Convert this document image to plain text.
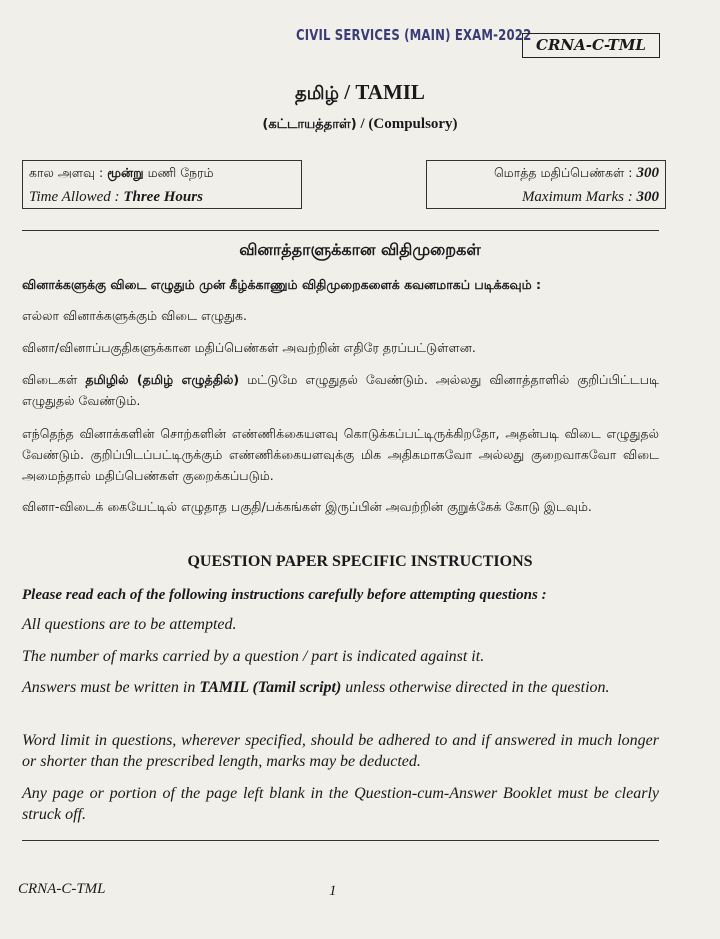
CIVIL SERVICES (MAIN) EXAM-2022
CRNA-C-TML
தமிழ் / TAMIL
(கட்டாயத்தாள்) / (Compulsory)
கால அளவு : மூன்று மணி நேரம்
Time Allowed : Three Hours
மொத்த மதிப்பெண்கள் : 300
Maximum Marks : 300
வினாத்தாளுக்கான விதிமுறைகள்
வினாக்களுக்கு விடை எழுதும் முன் கீழ்க்காணும் விதிமுறைகளைக் கவனமாகப் படிக்கவும் :
எல்லா வினாக்களுக்கும் விடை எழுதுக.
வினா/வினாப்பகுதிகளுக்கான மதிப்பெண்கள் அவற்றின் எதிரே தரப்பட்டுள்ளன.
விடைகள் தமிழில் (தமிழ் எழுத்தில்) மட்டுமே எழுதுதல் வேண்டும். அல்லது வினாத்தாளில் குறிப்பிட்டபடி எழுதுதல் வேண்டும்.
எந்தெந்த வினாக்களின் சொற்களின் எண்ணிக்கையளவு கொடுக்கப்பட்டிருக்கிறதோ, அதன்படி விடை எழுதுதல் வேண்டும். குறிப்பிடப்பட்டிருக்கும் எண்ணிக்கையளவுக்கு மிக அதிகமாகவோ அல்லது குறைவாகவோ விடை அமைந்தால் மதிப்பெண்கள் குறைக்கப்படும்.
வினா-விடைக் கையேட்டில் எழுதாத பகுதி/பக்கங்கள் இருப்பின் அவற்றின் குறுக்கேக் கோடு இடவும்.
QUESTION PAPER SPECIFIC INSTRUCTIONS
Please read each of the following instructions carefully before attempting questions :
All questions are to be attempted.
The number of marks carried by a question / part is indicated against it.
Answers must be written in TAMIL (Tamil script) unless otherwise directed in the question.
Word limit in questions, wherever specified, should be adhered to and if answered in much longer or shorter than the prescribed length, marks may be deducted.
Any page or portion of the page left blank in the Question-cum-Answer Booklet must be clearly struck off.
CRNA-C-TML	1
